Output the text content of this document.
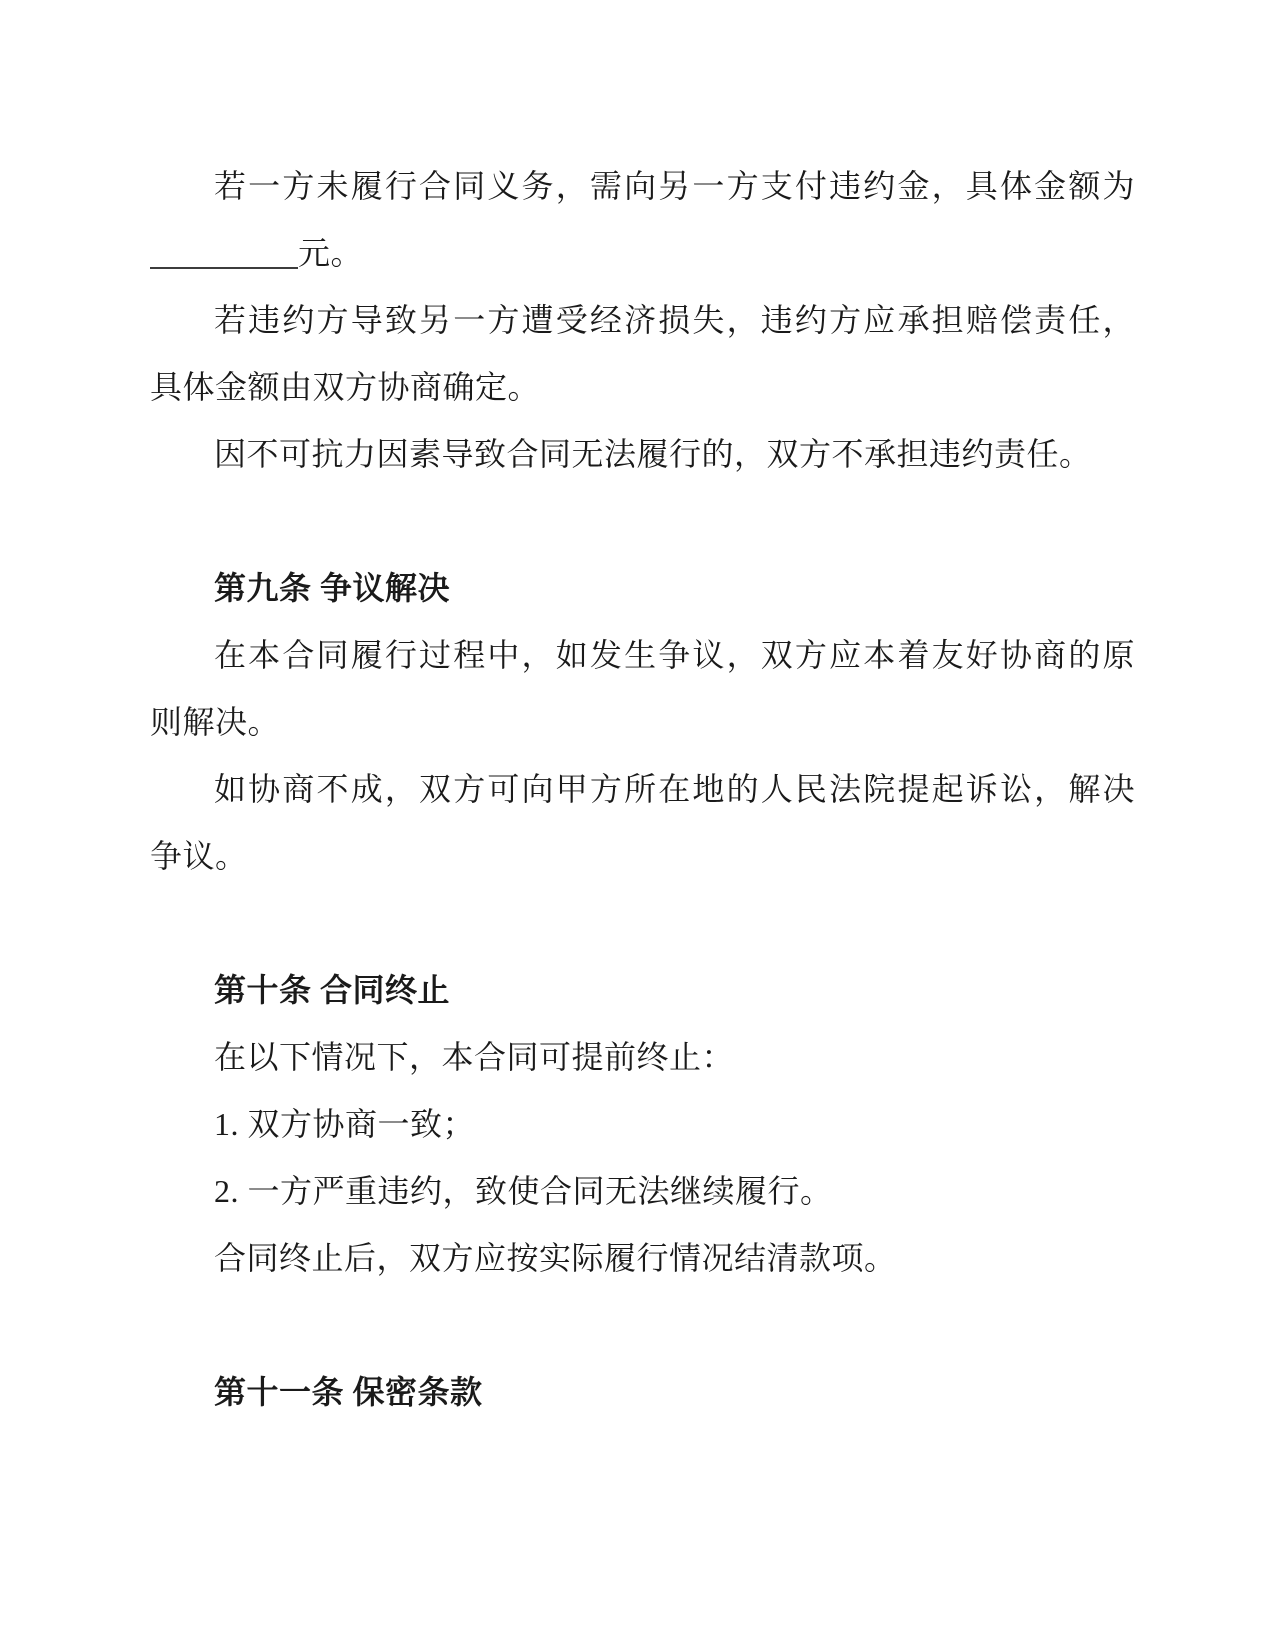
若一方未履行合同义务，需向另一方支付违约金，具体金额为

元。

若违约方导致另一方遭受经济损失，违约方应承担赔偿责任，

具体金额由双方协商确定。

因不可抗力因素导致合同无法履行的，双方不承担违约责任。

第九条 争议解决

在本合同履行过程中，如发生争议，双方应本着友好协商的原

则解决。

如协商不成，双方可向甲方所在地的人民法院提起诉讼，解决

争议。

第十条 合同终止

在以下情况下，本合同可提前终止：

1. 双方协商一致；

2. 一方严重违约，致使合同无法继续履行。

合同终止后，双方应按实际履行情况结清款项。

第十一条 保密条款
